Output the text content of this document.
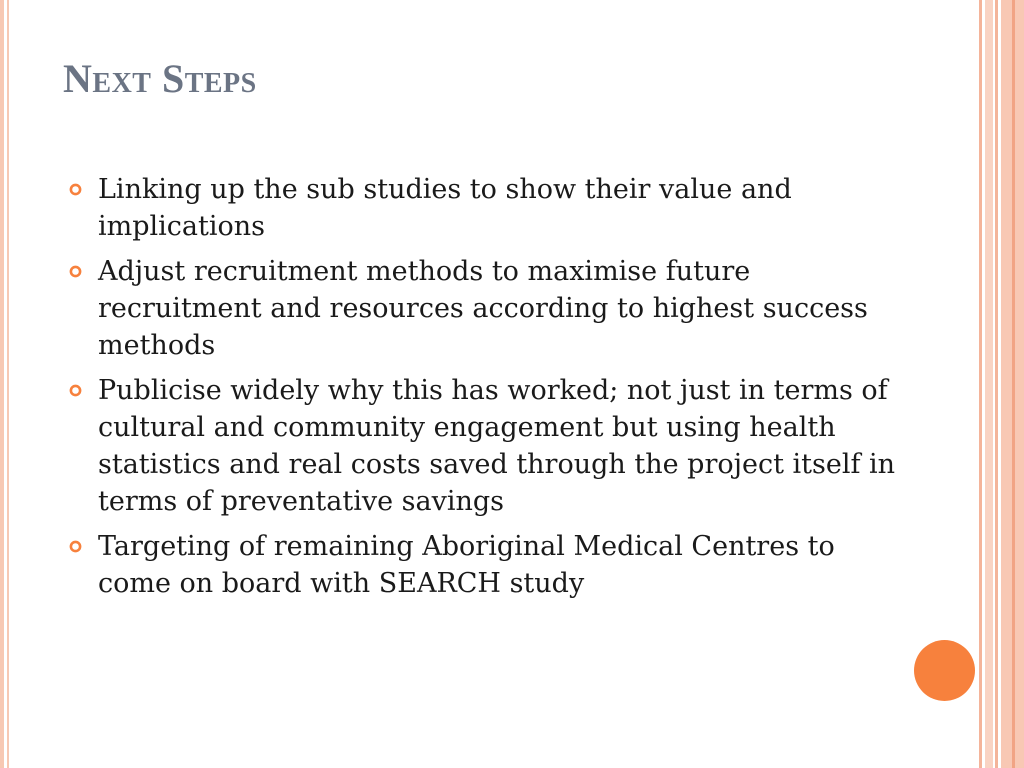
Next Steps
Linking up the sub studies to show their value and implications
Adjust recruitment methods to maximise future recruitment and resources according to highest success methods
Publicise widely why this has worked; not just in terms of cultural and community engagement but using health statistics and real costs saved through the project itself in terms of preventative savings
Targeting of remaining Aboriginal Medical Centres to come on board with SEARCH study
